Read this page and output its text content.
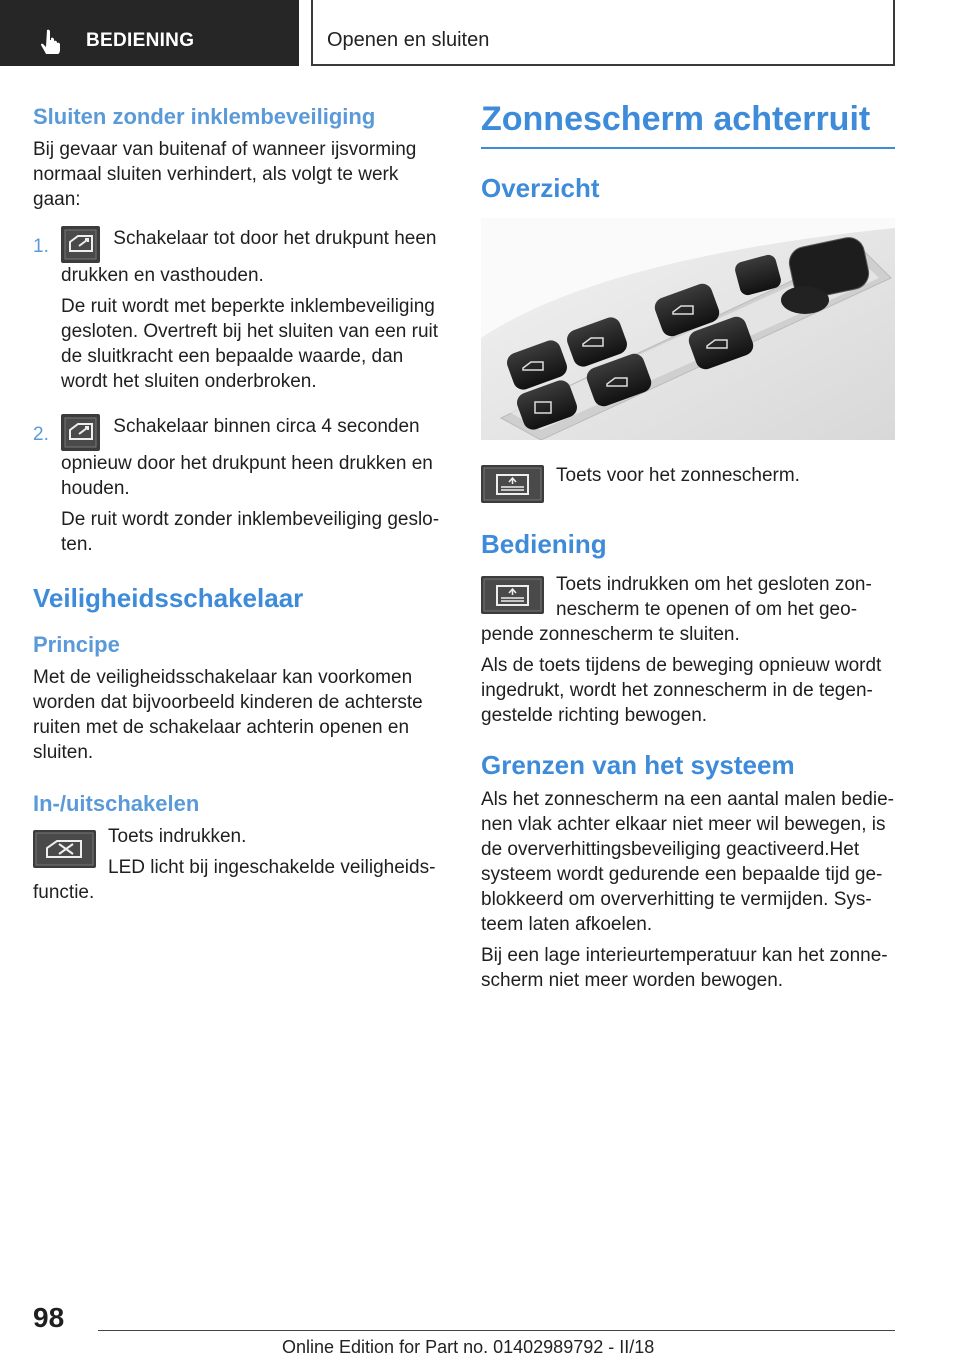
BEDIENING	Openen en sluiten
Sluiten zonder inklembeveiliging

Bij gevaar van buitenaf of wanneer ijsvorming normaal sluiten verhindert, als volgt te werk gaan:

1.	Schakelaar tot door het drukpunt heen drukken en vasthouden.

De ruit wordt met beperkte inklembeveiliging gesloten. Overtreft bij het sluiten van een ruit de sluitkracht een bepaalde waarde, dan wordt het sluiten onderbroken.

2.	Schakelaar binnen circa 4 seconden opnieuw door het drukpunt heen drukken en houden.

De ruit wordt zonder inklembeveiliging geslo‐ten.

Veiligheidsschakelaar
Principe

Met de veiligheidsschakelaar kan voorkomen worden dat bijvoorbeeld kinderen de achterste ruiten met de schakelaar achterin openen en sluiten.

In-/uitschakelen

Toets indrukken.

LED licht bij ingeschakelde veiligheids‐functie.

Zonnescherm achterruit
Overzicht

Toets voor het zonnescherm.

Bediening

Toets indrukken om het gesloten zon‐nescherm te openen of om het geo‐pende zonnescherm te sluiten.

Als de toets tijdens de beweging opnieuw wordt ingedrukt, wordt het zonnescherm in de tegen‐gestelde richting bewogen.

Grenzen van het systeem

Als het zonnescherm na een aantal malen bedie‐nen vlak achter elkaar niet meer wil bewegen, is de oververhittingsbeveiliging geactiveerd.Het systeem wordt gedurende een bepaalde tijd ge‐blokkeerd om oververhitting te vermijden. Sys‐teem laten afkoelen.

Bij een lage interieurtemperatuur kan het zonne‐scherm niet meer worden bewogen.

98
Online Edition for Part no. 01402989792 - II/18
